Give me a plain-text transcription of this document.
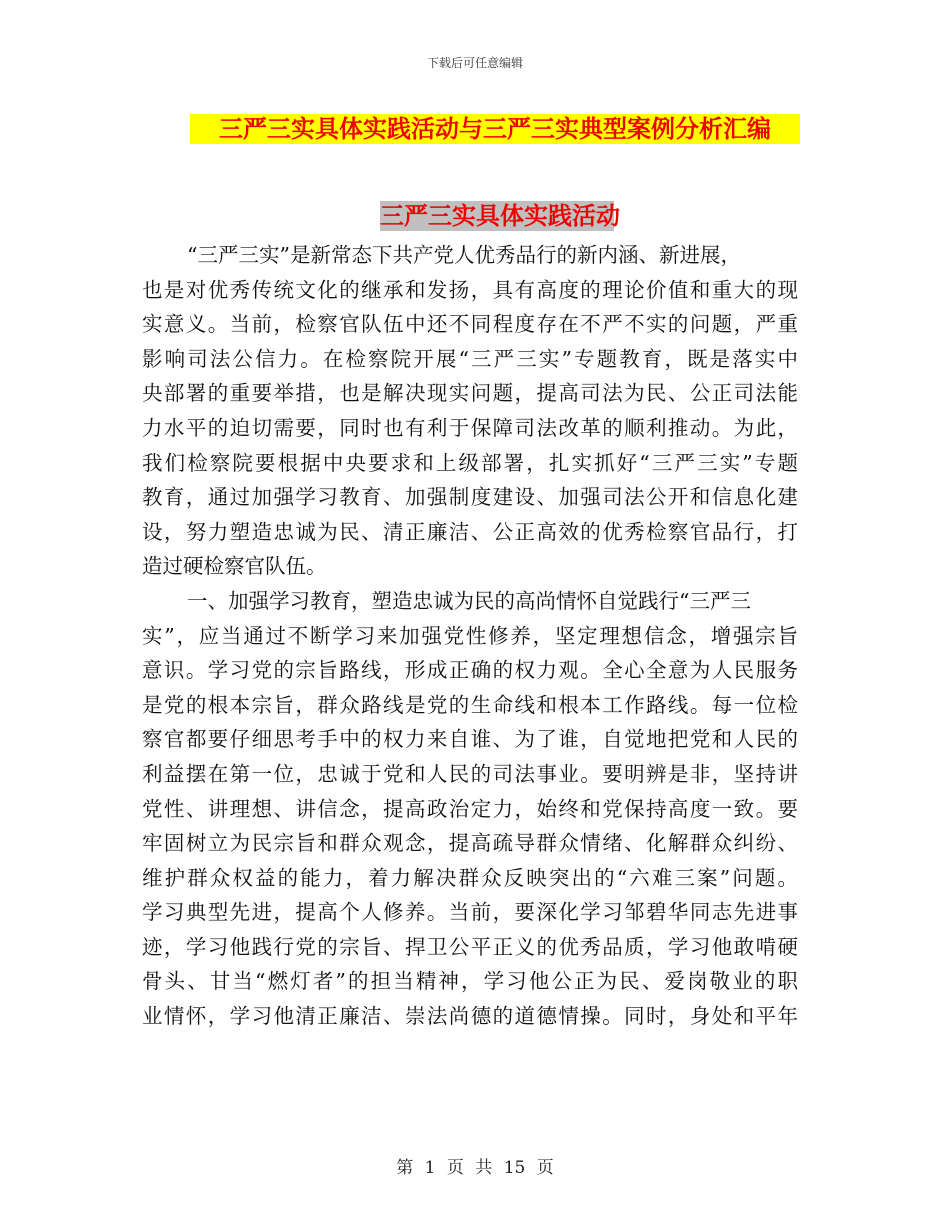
下载后可任意编辑
三严三实具体实践活动与三严三实典型案例分析汇编
三严三实具体实践活动
“三严三实”是新常态下共产党人优秀品行的新内涵、新进展，
也是对优秀传统文化的继承和发扬，具有高度的理论价值和重大的现
实意义。当前，检察官队伍中还不同程度存在不严不实的问题，严重
影响司法公信力。在检察院开展“三严三实”专题教育，既是落实中
央部署的重要举措，也是解决现实问题，提高司法为民、公正司法能
力水平的迫切需要，同时也有利于保障司法改革的顺利推动。为此，
我们检察院要根据中央要求和上级部署，扎实抓好“三严三实”专题
教育，通过加强学习教育、加强制度建设、加强司法公开和信息化建
设，努力塑造忠诚为民、清正廉洁、公正高效的优秀检察官品行，打
造过硬检察官队伍。
一、加强学习教育，塑造忠诚为民的高尚情怀自觉践行“三严三
实”，应当通过不断学习来加强党性修养，坚定理想信念，增强宗旨
意识。学习党的宗旨路线，形成正确的权力观。全心全意为人民服务
是党的根本宗旨，群众路线是党的生命线和根本工作路线。每一位检
察官都要仔细思考手中的权力来自谁、为了谁，自觉地把党和人民的
利益摆在第一位，忠诚于党和人民的司法事业。要明辨是非，坚持讲
党性、讲理想、讲信念，提高政治定力，始终和党保持高度一致。要
牢固树立为民宗旨和群众观念，提高疏导群众情绪、化解群众纠纷、
维护群众权益的能力，着力解决群众反映突出的“六难三案”问题。
学习典型先进，提高个人修养。当前，要深化学习邹碧华同志先进事
迹，学习他践行党的宗旨、捍卫公平正义的优秀品质，学习他敢啃硬
骨头、甘当“燃灯者”的担当精神，学习他公正为民、爱岗敬业的职
业情怀，学习他清正廉洁、崇法尚德的道德情操。同时，身处和平年
第 1 页 共 15 页
